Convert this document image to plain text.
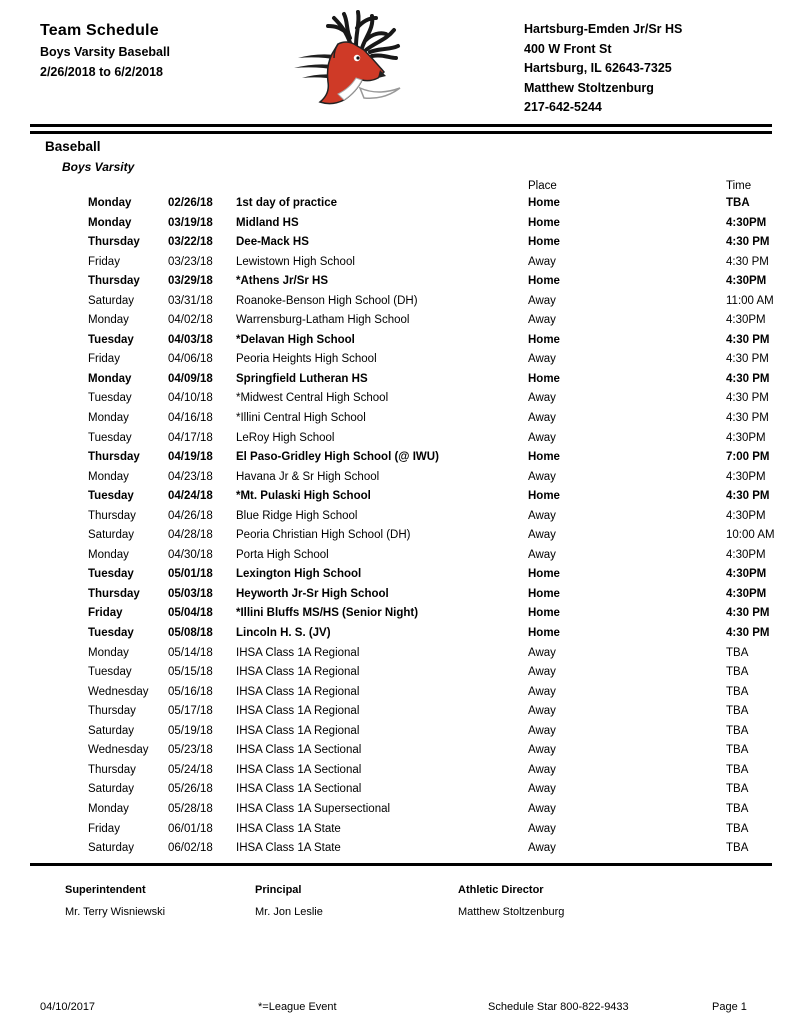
Team Schedule
Boys Varsity Baseball
2/26/2018 to 6/2/2018
Hartsburg-Emden Jr/Sr HS
400 W Front St
Hartsburg, IL 62643-7325
Matthew Stoltzenburg
217-642-5244
Baseball
Boys Varsity
Place	Time
Monday	02/26/18 1st day of practice	Home	TBA
Monday	03/19/18 Midland HS	Home	4:30PM
Thursday 03/22/18 Dee-Mack HS	Home	4:30 PM
Friday	03/23/18 Lewistown High School	Away	4:30 PM
Thursday 03/29/18 *Athens Jr/Sr HS	Home	4:30PM
Saturday	03/31/18 Roanoke-Benson High School (DH)	Away	11:00 AM
Monday	04/02/18 Warrensburg-Latham High School	Away	4:30PM
Tuesday	04/03/18 *Delavan High School	Home	4:30 PM
Friday	04/06/18 Peoria Heights High School	Away	4:30 PM
Monday	04/09/18 Springfield Lutheran HS	Home	4:30 PM
Tuesday	04/10/18 *Midwest Central High School	Away	4:30 PM
Monday	04/16/18 *Illini Central High School	Away	4:30 PM
Tuesday	04/17/18 LeRoy High School	Away	4:30PM
Thursday 04/19/18 El Paso-Gridley High School (@ IWU)	Home	7:00 PM
Monday	04/23/18 Havana Jr & Sr High School	Away	4:30PM
Tuesday	04/24/18 *Mt. Pulaski High School	Home	4:30 PM
Thursday	04/26/18 Blue Ridge High School	Away	4:30PM
Saturday	04/28/18 Peoria Christian High School (DH)	Away	10:00 AM
Monday	04/30/18 Porta High School	Away	4:30PM
Tuesday	05/01/18 Lexington High School	Home	4:30PM
Thursday 05/03/18 Heyworth Jr-Sr High School	Home	4:30PM
Friday	05/04/18 *Illini Bluffs MS/HS (Senior Night)	Home	4:30 PM
Tuesday	05/08/18 Lincoln H. S. (JV)	Home	4:30 PM
Monday	05/14/18 IHSA Class 1A Regional	Away	TBA
Tuesday	05/15/18 IHSA Class 1A Regional	Away	TBA
Wednesday 05/16/18 IHSA Class 1A Regional	Away	TBA
Thursday	05/17/18 IHSA Class 1A Regional	Away	TBA
Saturday	05/19/18 IHSA Class 1A Regional	Away	TBA
Wednesday 05/23/18 IHSA Class 1A Sectional	Away	TBA
Thursday	05/24/18 IHSA Class 1A Sectional	Away	TBA
Saturday	05/26/18 IHSA Class 1A Sectional	Away	TBA
Monday	05/28/18 IHSA Class 1A Supersectional	Away	TBA
Friday	06/01/18 IHSA Class 1A State	Away	TBA
Saturday	06/02/18 IHSA Class 1A State	Away	TBA
Superintendent
Mr. Terry Wisniewski
Principal
Mr. Jon Leslie
Athletic Director
Matthew Stoltzenburg
04/10/2017	*=League Event	Schedule Star 800-822-9433	Page 1
